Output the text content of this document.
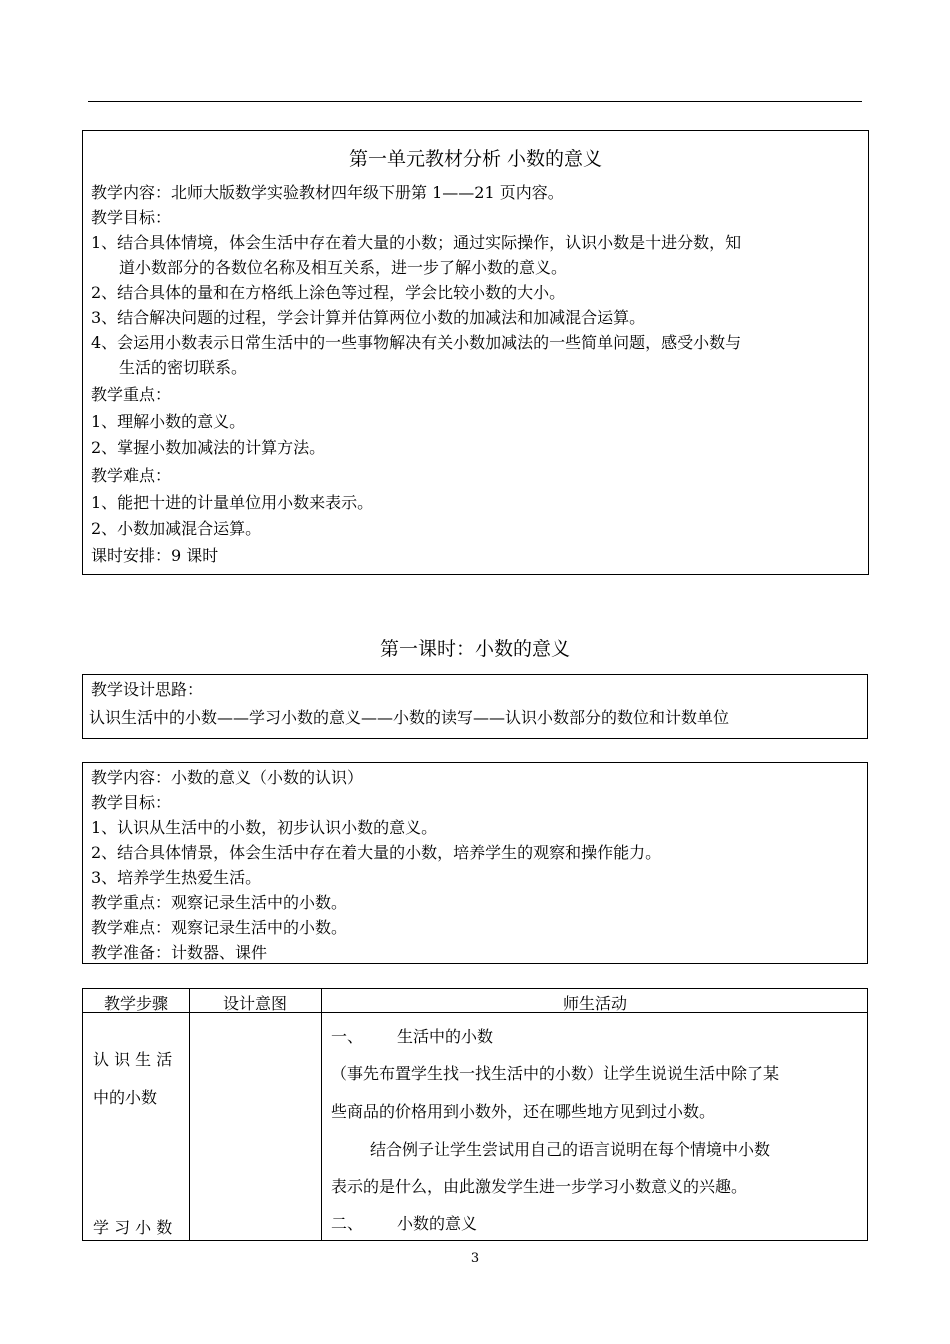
第一单元教材分析 小数的意义
教学内容：北师大版数学实验教材四年级下册第 1——21 页内容。
教学目标：
1、结合具体情境，体会生活中存在着大量的小数；通过实际操作，认识小数是十进分数，知
道小数部分的各数位名称及相互关系，进一步了解小数的意义。
2、结合具体的量和在方格纸上涂色等过程，学会比较小数的大小。
3、结合解决问题的过程，学会计算并估算两位小数的加减法和加减混合运算。
4、会运用小数表示日常生活中的一些事物解决有关小数加减法的一些简单问题，感受小数与
生活的密切联系。
教学重点：
1、理解小数的意义。
2、掌握小数加减法的计算方法。
教学难点：
1、能把十进的计量单位用小数来表示。
2、小数加减混合运算。
课时安排：9 课时
第一课时：小数的意义
教学设计思路：
认识生活中的小数——学习小数的意义——小数的读写——认识小数部分的数位和计数单位
教学内容：小数的意义（小数的认识）
教学目标：
1、认识从生活中的小数，初步认识小数的意义。
2、结合具体情景，体会生活中存在着大量的小数，培养学生的观察和操作能力。
3、培养学生热爱生活。
教学重点：观察记录生活中的小数。
教学难点：观察记录生活中的小数。
教学准备：计数器、课件
教学步骤	设计意图	师生活动
认 识 生 活
中的小数
学 习 小 数
一、 生活中的小数
（事先布置学生找一找生活中的小数）让学生说说生活中除了某
些商品的价格用到小数外，还在哪些地方见到过小数。
结合例子让学生尝试用自己的语言说明在每个情境中小数
表示的是什么，由此激发学生进一步学习小数意义的兴趣。
二、 小数的意义
3
